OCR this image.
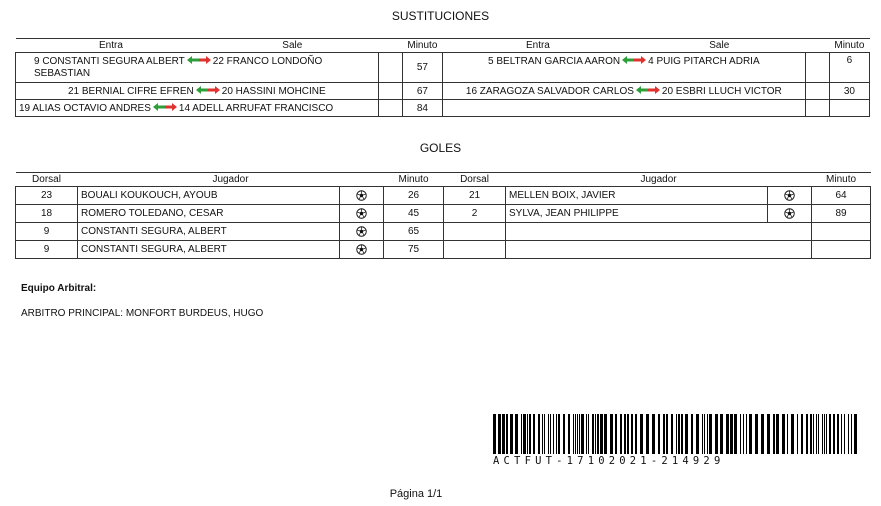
SUSTITUCIONES
Entra	Sale		Minuto	Entra	Sale		Minuto
9 CONSTANTI SEGURA ALBERT 22 FRANCO LONDOÑO SEBASTIAN			57	5 BELTRAN GARCIA AARON 4 PUIG PITARCH ADRIA			6
21 BERNIAL CIFRE EFREN 20 HASSINI MOHCINE			67	16 ZARAGOZA SALVADOR CARLOS 20 ESBRI LLUCH VICTOR			30
19 ALIAS OCTAVIO ANDRES 14 ADELL ARRUFAT FRANCISCO			84				
GOLES
Dorsal	Jugador		Minuto	Dorsal	Jugador		Minuto
23	BOUALI KOUKOUCH, AYOUB		26	21	MELLEN BOIX, JAVIER		64
18	ROMERO TOLEDANO, CESAR		45	2	SYLVA, JEAN PHILIPPE		89
9	CONSTANTI SEGURA, ALBERT		65				
9	CONSTANTI SEGURA, ALBERT		75				
Equipo Arbitral:
ARBITRO PRINCIPAL: MONFORT BURDEUS, HUGO
ACTFUT-17102021-214929
Página 1/1
